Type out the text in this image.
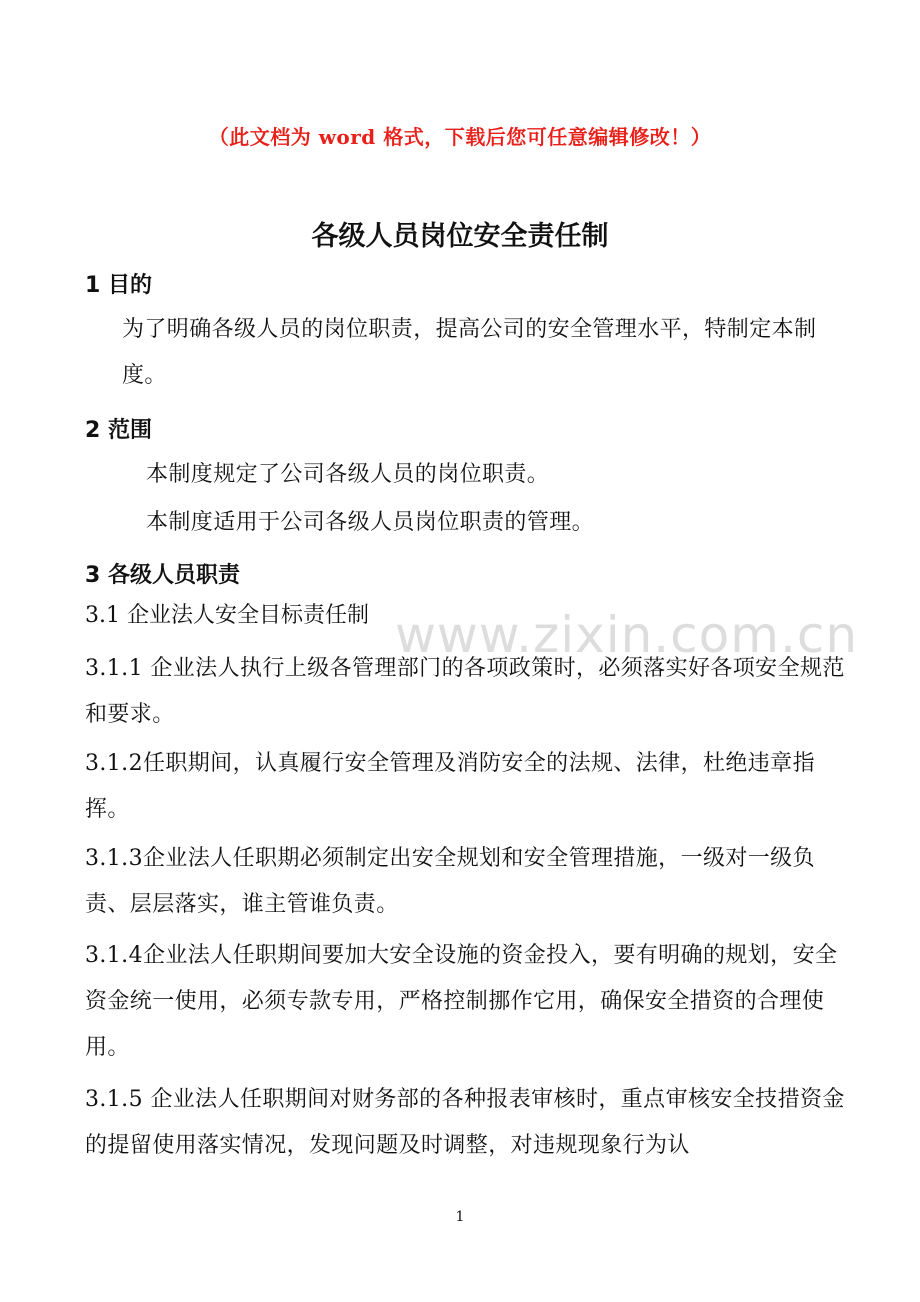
（此文档为 word 格式，下载后您可任意编辑修改！）
各级人员岗位安全责任制
1 目的
为了明确各级人员的岗位职责，提高公司的安全管理水平，特制定本制度。
2 范围
本制度规定了公司各级人员的岗位职责。
本制度适用于公司各级人员岗位职责的管理。
3 各级人员职责
3.1 企业法人安全目标责任制
3.1.1 企业法人执行上级各管理部门的各项政策时，必须落实好各项安全规范和要求。
3.1.2任职期间，认真履行安全管理及消防安全的法规、法律，杜绝违章指挥。
3.1.3企业法人任职期必须制定出安全规划和安全管理措施，一级对一级负责、层层落实，谁主管谁负责。
3.1.4企业法人任职期间要加大安全设施的资金投入，要有明确的规划，安全资金统一使用，必须专款专用，严格控制挪作它用，确保安全措资的合理使用。
3.1.5 企业法人任职期间对财务部的各种报表审核时，重点审核安全技措资金的提留使用落实情况，发现问题及时调整，对违规现象行为认
www.zixin.com.cn
1
